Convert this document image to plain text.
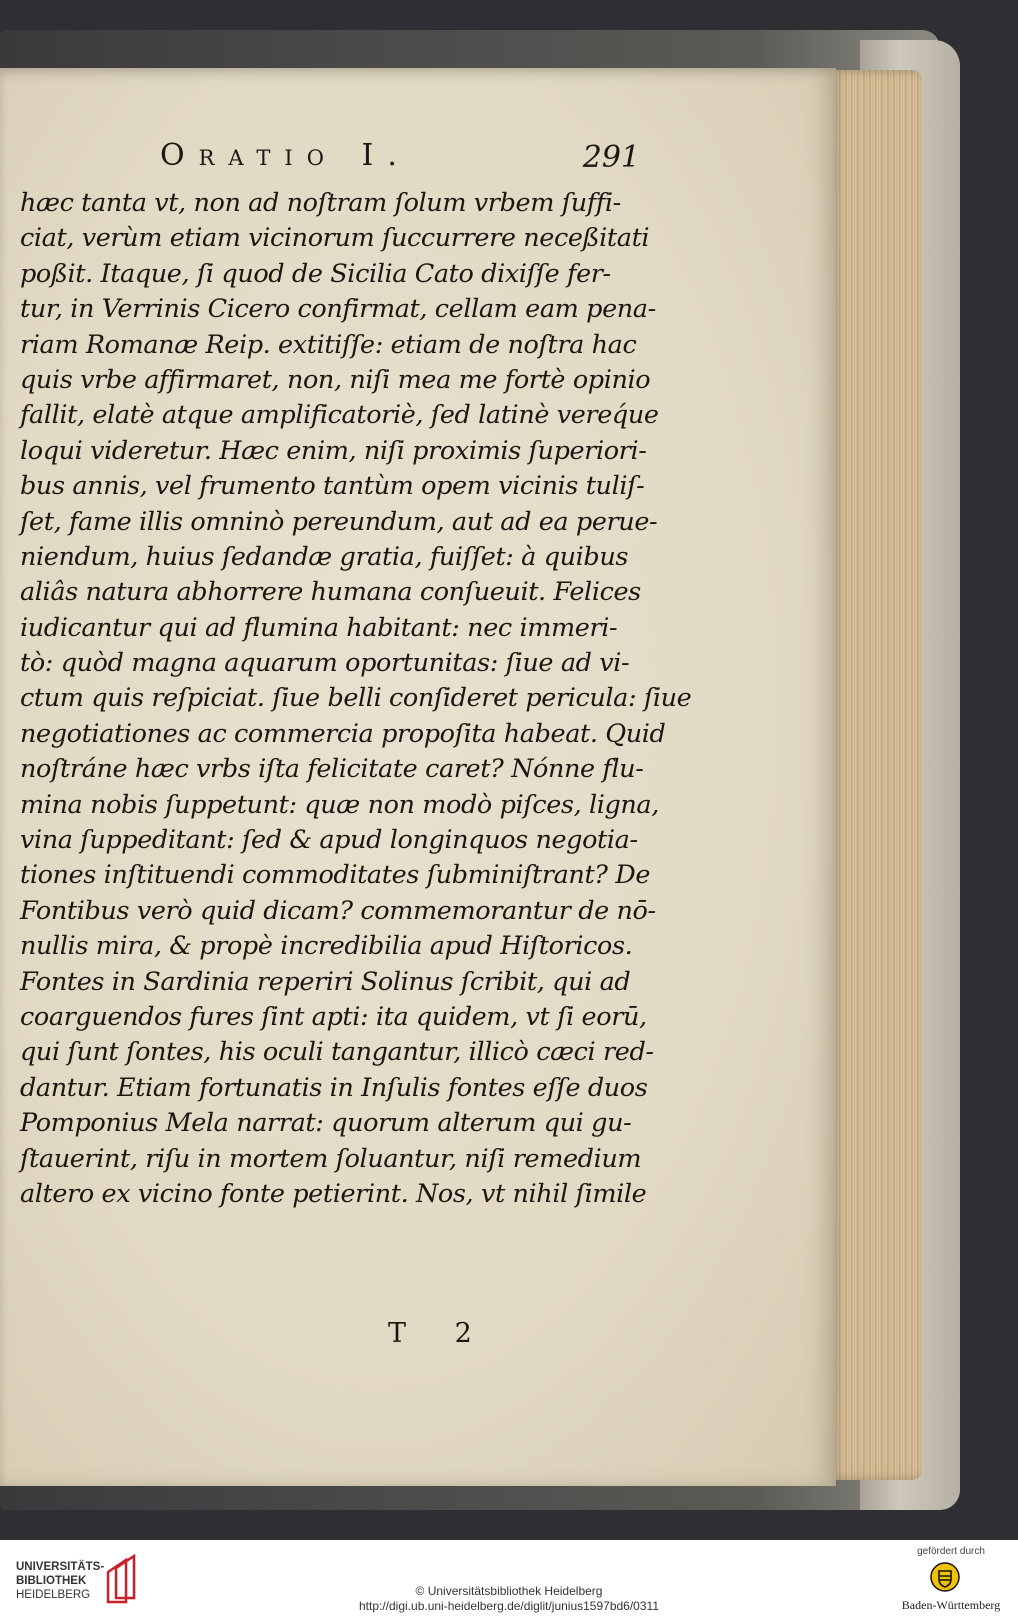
Oratio I.	291
hæc tanta vt, non ad noſtram ſolum vrbem ſuffi-
ciat, verùm etiam vicinorum ſuccurrere neceßitati
poßit. Itaque, ſi quod de Sicilia Cato dixiſſe fer-
tur, in Verrinis Cicero confirmat, cellam eam pena-
riam Romanæ Reip. extitiſſe: etiam de noſtra hac
quis vrbe affirmaret, non, niſi mea me fortè opinio
fallit, elatè atque amplificatoriè, ſed latinè vereq́ue
loqui videretur. Hæc enim, niſi proximis ſuperiori-
bus annis, vel frumento tantùm opem vicinis tuliſ-
ſet, fame illis omninò pereundum, aut ad ea perue-
niendum, huius ſedandæ gratia, fuiſſet: à quibus
aliâs natura abhorrere humana conſueuit. Felices
iudicantur qui ad flumina habitant: nec immeri-
tò: quòd magna aquarum oportunitas: ſiue ad vi-
ctum quis reſpiciat. ſiue belli conſideret pericula: ſiue
negotiationes ac commercia propoſita habeat. Quid
noſtráne hæc vrbs iſta felicitate caret? Nónne flu-
mina nobis ſuppetunt: quæ non modò piſces, ligna,
vina ſuppeditant: ſed & apud longinquos negotia-
tiones inſtituendi commoditates ſubminiſtrant? De
Fontibus verò quid dicam? commemorantur de nō-
nullis mira, & propè incredibilia apud Hiſtoricos.
Fontes in Sardinia reperiri Solinus ſcribit, qui ad
coarguendos fures ſint apti: ita quidem, vt ſi eorū,
qui ſunt ſontes, his oculi tangantur, illicò cæci red-
dantur. Etiam fortunatis in Inſulis fontes eſſe duos
Pomponius Mela narrat: quorum alterum qui gu-
ſtauerint, riſu in mortem ſoluantur, niſi remedium
altero ex vicino fonte petierint. Nos, vt nihil ſimile
T 2
UNIVERSITÄTS-
BIBLIOTHEK
HEIDELBERG	© Universitätsbibliothek Heidelberg
http://digi.ub.uni-heidelberg.de/diglit/junius1597bd6/0311
gefördert durch
Baden-Württemberg
